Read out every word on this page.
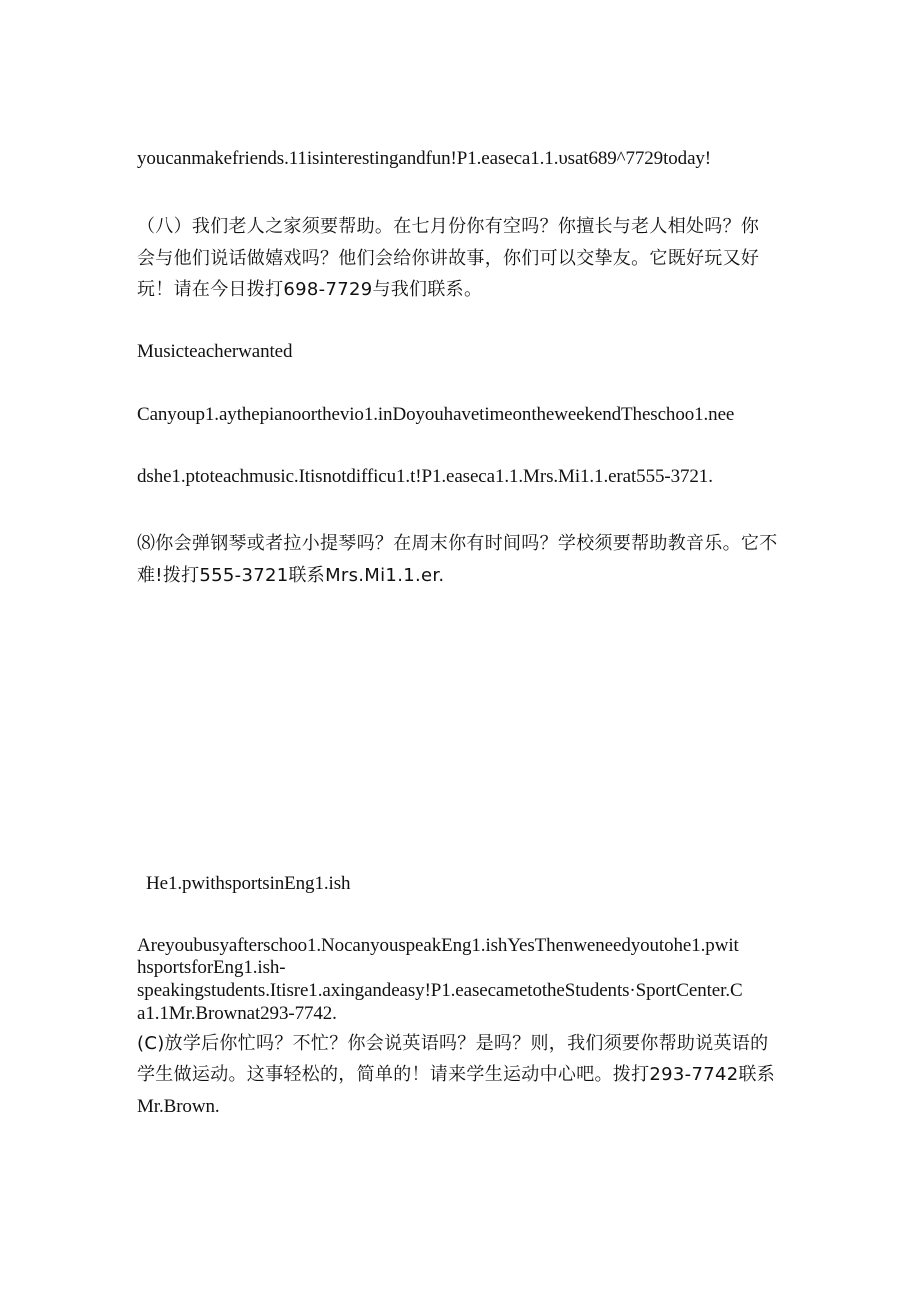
youcanmakefriends.11isinterestingandfun!P1.easeca1.1.υsat689^7729today!
（八）我们老人之家须要帮助。在七月份你有空吗？你擅长与老人相处吗？你
会与他们说话做嬉戏吗？他们会给你讲故事，你们可以交挚友。它既好玩又好
玩！请在今日拨打698-7729与我们联系。
Musicteacherwanted
Canyoup1.aythepianoorthevio1.inDoyouhavetimeontheweekendTheschoo1.nee
dshe1.ptoteachmusic.Itisnotdifficu1.t!P1.easeca1.1.Mrs.Mi1.1.erat555-3721.
⑻你会弹钢琴或者拉小提琴吗？在周末你有时间吗？学校须要帮助教音乐。它不
难!拨打555-3721联系Mrs.Mi1.1.er.
He1.pwithsportsinEng1.ish
Areyoubusyafterschoo1.NocanyouspeakEng1.ishYesThenweneedyoutohe1.pwit
hsportsforEng1.ish-
speakingstudents.Itisre1.axingandeasy!P1.easecametotheStudents·SportCenter.C
a1.1Mr.Brownat293-7742.
(C)放学后你忙吗？不忙？你会说英语吗？是吗？则，我们须要你帮助说英语的
学生做运动。这事轻松的，简单的！请来学生运动中心吧。拨打293-7742联系
Mr.Brown.
